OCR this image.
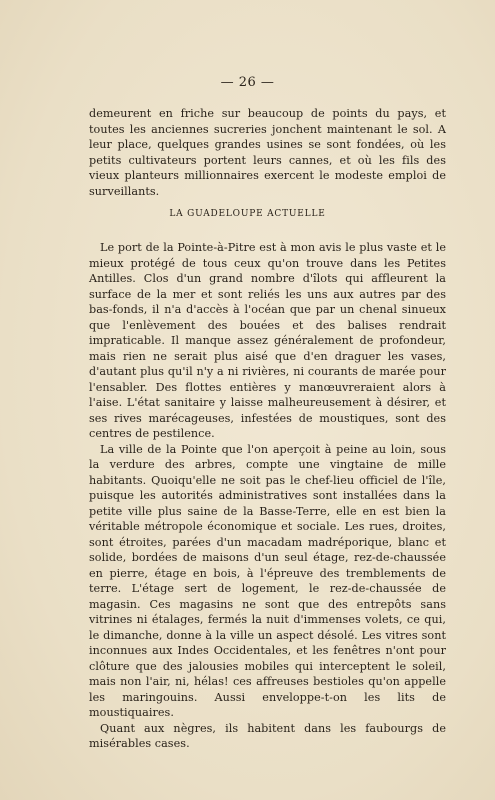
— 26 —

demeurent en friche sur beaucoup de points du pays, et toutes les anciennes sucreries jonchent maintenant le sol. A leur place, quelques grandes usines se sont fondées, où les petits cultivateurs portent leurs cannes, et où les fils des vieux planteurs millionnaires exercent le modeste emploi de surveillants.

LA GUADELOUPE ACTUELLE

Le port de la Pointe-à-Pitre est à mon avis le plus vaste et le mieux protégé de tous ceux qu'on trouve dans les Petites Antilles. Clos d'un grand nombre d'îlots qui affleurent la surface de la mer et sont reliés les uns aux autres par des bas-fonds, il n'a d'accès à l'océan que par un chenal sinueux que l'enlèvement des bouées et des balises rendrait impraticable. Il manque assez généralement de profondeur, mais rien ne serait plus aisé que d'en draguer les vases, d'autant plus qu'il n'y a ni rivières, ni courants de marée pour l'ensabler. Des flottes entières y manœuvreraient alors à l'aise. L'état sanitaire y laisse malheureusement à désirer, et ses rives marécageuses, infestées de moustiques, sont des centres de pestilence.

La ville de la Pointe que l'on aperçoit à peine au loin, sous la verdure des arbres, compte une vingtaine de mille habitants. Quoiqu'elle ne soit pas le chef-lieu officiel de l'île, puisque les autorités administratives sont installées dans la petite ville plus saine de la Basse-Terre, elle en est bien la véritable métropole économique et sociale. Les rues, droites, sont étroites, parées d'un macadam madréporique, blanc et solide, bordées de maisons d'un seul étage, rez-de-chaussée en pierre, étage en bois, à l'épreuve des tremblements de terre. L'étage sert de logement, le rez-de-chaussée de magasin. Ces magasins ne sont que des entrepôts sans vitrines ni étalages, fermés la nuit d'immenses volets, ce qui, le dimanche, donne à la ville un aspect désolé. Les vitres sont inconnues aux Indes Occidentales, et les fenêtres n'ont pour clôture que des jalousies mobiles qui interceptent le soleil, mais non l'air, ni, hélas! ces affreuses bestioles qu'on appelle les maringouins. Aussi enveloppe-t-on les lits de moustiquaires.

Quant aux nègres, ils habitent dans les faubourgs de misérables cases.
